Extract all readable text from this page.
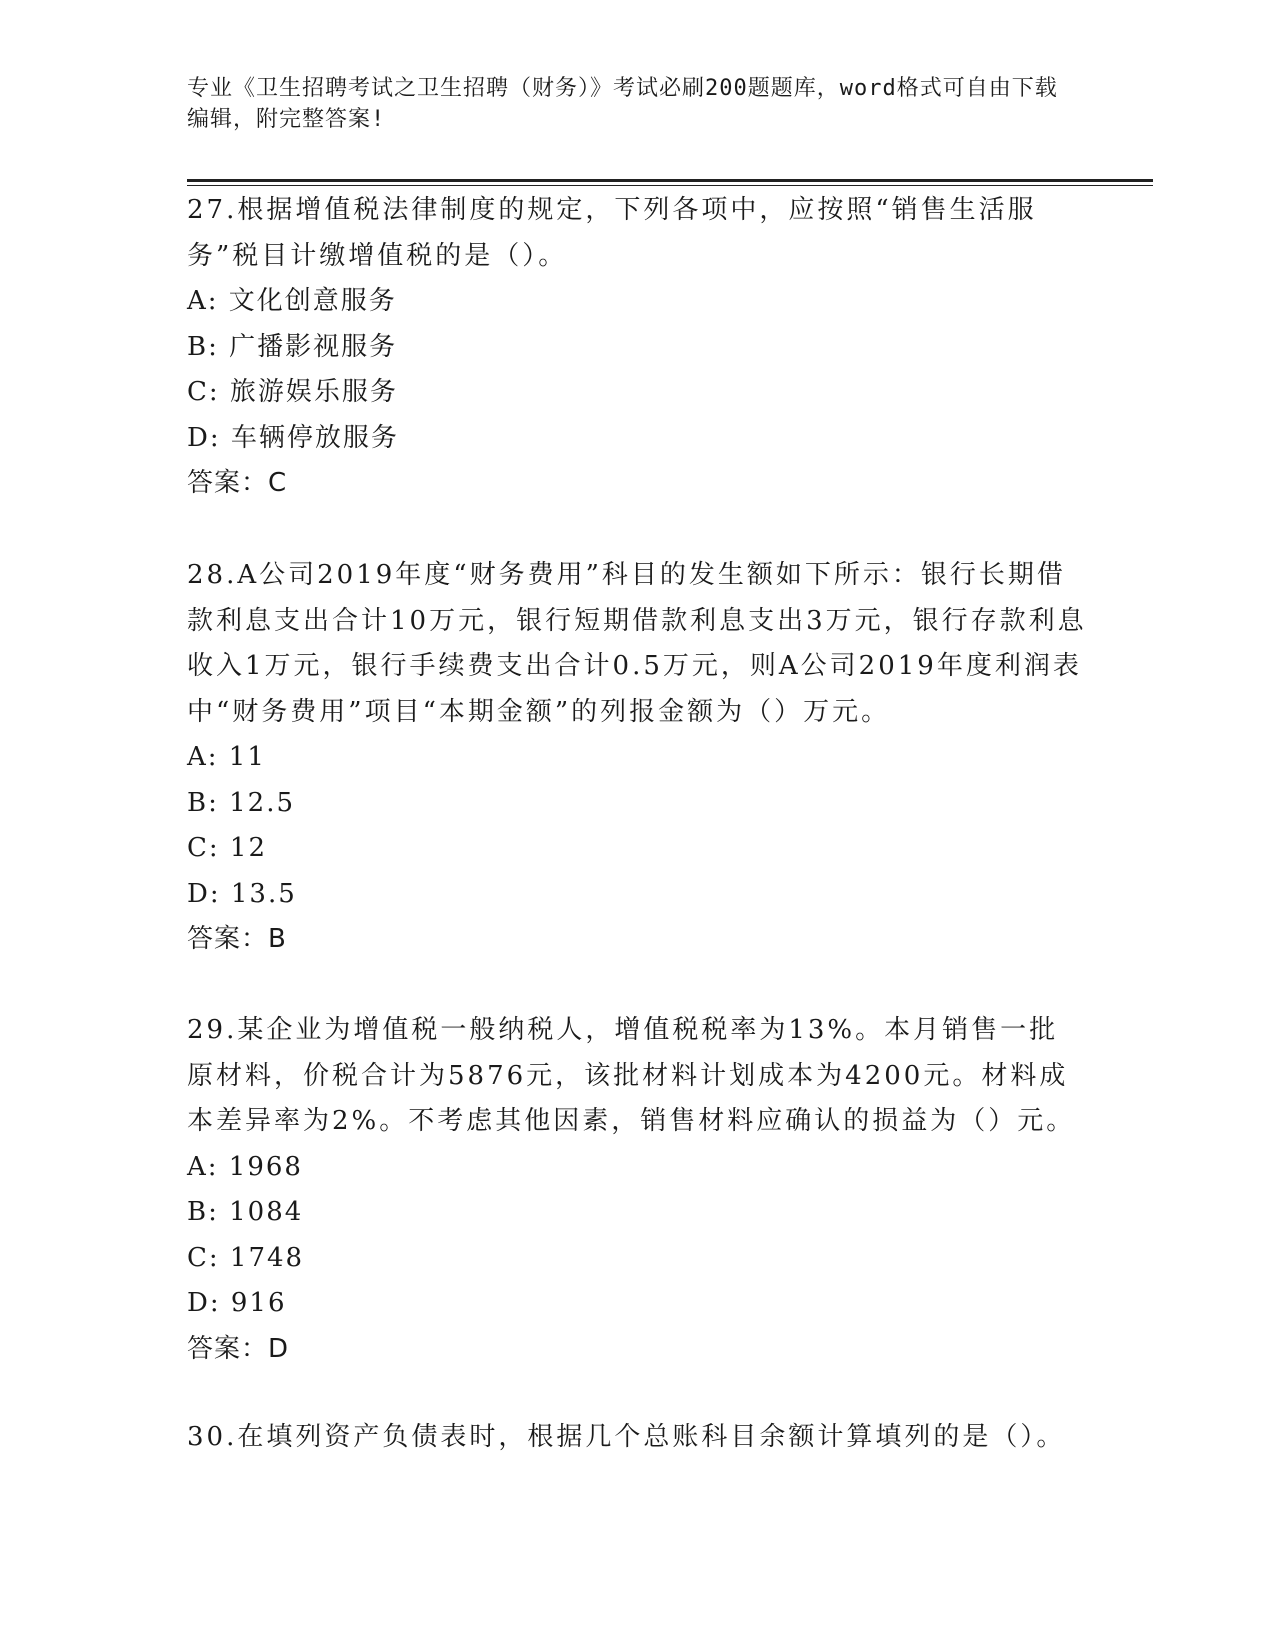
专业《卫生招聘考试之卫生招聘（财务）》考试必刷200题题库，word格式可自由下载编辑，附完整答案!

27.根据增值税法律制度的规定，下列各项中，应按照“销售生活服务”税目计缴增值税的是（）。

A: 文化创意服务
B: 广播影视服务
C: 旅游娱乐服务
D: 车辆停放服务
答案：C

28.A公司2019年度“财务费用”科目的发生额如下所示：银行长期借款利息支出合计10万元，银行短期借款利息支出3万元，银行存款利息收入1万元，银行手续费支出合计0.5万元，则A公司2019年度利润表中“财务费用”项目“本期金额”的列报金额为（）万元。

A: 11
B: 12.5
C: 12
D: 13.5
答案：B

29.某企业为增值税一般纳税人，增值税税率为13%。本月销售一批原材料，价税合计为5876元，该批材料计划成本为4200元。材料成本差异率为2%。不考虑其他因素，销售材料应确认的损益为（）元。

A: 1968
B: 1084
C: 1748
D: 916
答案：D

30.在填列资产负债表时，根据几个总账科目余额计算填列的是（）。
